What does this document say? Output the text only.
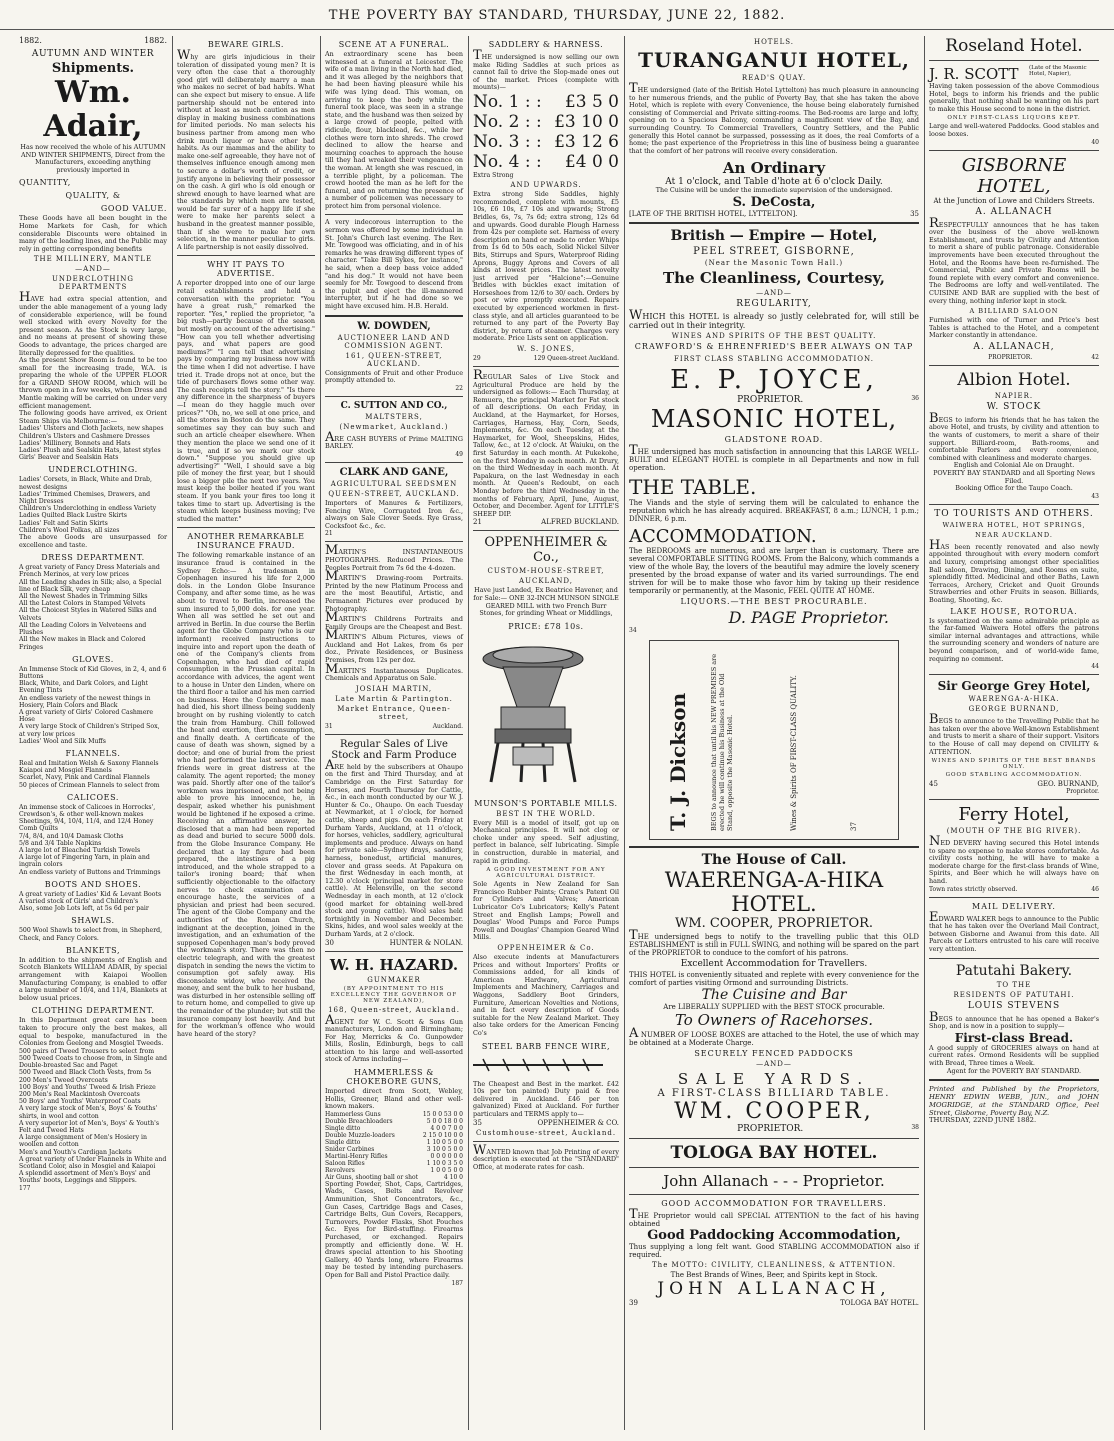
THE POVERTY BAY STANDARD, THURSDAY, JUNE 22, 1882.
1882.	1882.
AUTUMN AND WINTER
Shipments.
Wm. Adair,

Has now received the whole of his AUTUMN AND WINTER SHIPMENTS, Direct from the Manufacturers, exceeding anything previously imported in

QUANTITY,
QUALITY, &
GOOD VALUE.

These Goods have all been bought in the Home Markets for Cash, for which considerable Discounts were obtained in many of the leading lines, and the Public may rely in getting corresponding benefits

THE MILLINERY, MANTLE
—AND—
UNDERCLOTHING DEPARTMENTS

HAVE had extra special attention, and under the able management of a young lady of considerable experience, will be found well stocked with every Novelty for the present season. As the Stock is very large, and no means at present of showing these Goods to advantage, the prices charged are literally depressed for the qualities.

As the present Show Room is found to be too small for the increasing trade, W.A. is preparing the whole of the UPPER FLOOR for a GRAND SHOW ROOM, which will be thrown open in a few weeks, when Dress and Mantle making will be carried on under very efficient management.

The following goods have arrived, ex Orient Steam Ships via Melbourne:—

Ladies' Ulsters and Cloth Jackets, new shapes
Children's Ulsters and Cashmere Dresses
Ladies' Millinery, Bonnets and Hats
Ladies' Plush and Sealskin Hats, latest styles
Girls' Beaver and Sealskin Hats
UNDERCLOTHING.
Ladies' Corsets, in Black, White and Drab, newest designs
Ladies' Trimmed Chemises, Drawers, and Night Dresses
Children's Underclothing in endless Variety
Ladies Quilted Black Lustre Skirts
Ladies' Felt and Satin Skirts
Children's Wool Polkas, all sizes

The above Goods are unsurpassed for excellence and taste.

DRESS DEPARTMENT.
A great variety of Fancy Dress Materials and French Merinos, at very low prices
All the Leading shades in Silk; also, a Special line of Black Silk, very cheap
All the Newest Shades in Trimming Silks
All the Latest Colors in Stamped Velvets
All the Choicest Styles in Watered Silks and Velvets
All the Leading Colors in Velveteens and Plushes
All the New makes in Black and Colored Fringes
GLOVES.
An Immense Stock of Kid Gloves, in 2, 4, and 6 Buttons
Black, White, and Dark Colors, and Light Evening Tints
An endless variety of the newest things in Hosiery, Plain Colors and Black
A great variety of Girls' Colored Cashmere Hose
A very large Stock of Children's Striped Sox, at very low prices
Ladies' Wool and Silk Muffs
FLANNELS.
Real and Imitation Welsh & Saxony Flannels
Kaiapoi and Mosgiel Flannels
Scarlet, Navy, Pink and Cardinal Flannels
50 pieces of Crimean Flannels to select from
CALICOES.
An immense stock of Calicoes in Horrocks', Crewdson's, & other well-known makes
Sheetings, 9/4, 10/4, 11/4, and 12/4 Honey Comb Quilts
7/4, 8/4, and 10/4 Damask Cloths
5/8 and 3/4 Table Napkins
A large lot of Bleached Turkish Towels
A large lot of Fingering Yarn, in plain and ingrain colors
An endless variety of Buttons and Trimmings
BOOTS AND SHOES.
A great variety of Ladies' Kid & Levant Boots
A varied stock of Girls' and Children's
Also, some Job Lots left, at 5s 6d per pair
SHAWLS.
500 Wool Shawls to select from, in Shepherd, Check, and Fancy Colors.
BLANKETS,

In addition to the shipments of English and Scotch Blankets WILLIAM ADAIR, by special arrangement with Kaiapoi Woollen Manufacturing Company, is enabled to offer a large number of 10/4, and 11/4, Blankets at below usual prices.

CLOTHING DEPARTMENT.

In this Department great care has been taken to procure only the best makes, all equal to bespoke, manufactured in the Colonies from Geelong and Mosgiel Tweeds.

500 pairs of Tweed Trousers to select from
500 Tweed Coats to choose from, in Single and Double-breasted Sac and Paget
500 Tweed and Black Cloth Vests, from 5s
200 Men's Tweed Overcoats
100 Boys' and Youths' Tweed & Irish Frieze
200 Men's Real Mackintosh Overcoats
50 Boys' and Youths' Waterproof Coats
A very large stock of Men's, Boys' & Youths' shirts, in wool and cotton
A very superior lot of Men's, Boys' & Youth's Felt and Tweed Hats
A large consignment of Men's Hosiery in woollen and cotton
Men's and Youth's Cardigan Jackets
A great variety of Under Flannels in White and Scotland Color, also in Mosgiel and Kaiapoi
A splendid assortment of Men's Boys' and Youths' boots, Leggings and Slippers.
177
BEWARE GIRLS.

Why are girls injudicious in their toleration of dissipated young men? It is very often the case that a thoroughly good girl will deliberately marry a man who makes no secret of bad habits. What can she expect but misery to ensue. A life partnership should not be entered into without at least as much caution as men display in making business combinations for limited periods. No man selects his business partner from among men who drink much liquor or have other bad habits. As our mammas and the ability to make one-self agreeable, they have not of themselves influence enough among men to secure a dollar's worth of credit, or justify anyone in believing their possessor on the cash. A girl who is old enough or shrewd enough to have learned what are the standards by which men are tested, would be far surer of a happy life if she were to make her parents select a husband in the greatest manner possible, than if she were to make her own selection, in the manner peculiar to girls. A life partnership is not easily dissolved.

WHY IT PAYS TO ADVERTISE.

A reporter dropped into one of our large retail establishments and held a conversation with the proprietor. "You have a great rush," remarked the reporter. "Yes," replied the proprietor, "a big rush—partly because of the season but mostly on account of the advertising." "How can you tell whether advertising pays, and what papers are good mediums?" "I can tell that advertising pays by comparing my business now with the time when I did not advertise. I have tried it. Trade drops not at once, but the tide of purchasers flows some other way. The cash receipts tell the story." "Is there any difference in the sharpness of buyers—I mean do they haggle much over prices?" "Oh, no, we sell at one price, and all the stores in Boston do the same. They sometimes say they can buy such and such an article cheaper elsewhere. When they mention the place we send one of it is true, and if so we mark our stock down." "Suppose you should give up advertising?" "Well, I should save a big pile of money the first year, but I should lose a bigger pile the next two years. You must keep the boiler heated if you want steam. If you bank your fires too long it takes time to start up. Advertising is the steam which keeps business moving; I've studied the matter."

ANOTHER REMARKABLE INSURANCE FRAUD.

The following remarkable instance of an insurance fraud is contained in the Sydney Echo:— A tradesman in Copenhagen insured his life for 2,000 dols. in the London Globe Insurance Company, and after some time, as he was about to travel to Berlin, increased the sum insured to 5,000 dols. for one year. When all was settled he set out and arrived in Berlin. In due course the Berlin agent for the Globe Company (who is our informant) received instructions to inquire into and report upon the death of one of the Company's clients from Copenhagen, who had died of rapid consumption in the Prussian capital. In accordance with advices, the agent went to a house in Unter den Linden, where on the third floor a tailor and his men carried on business. Here the Copenhagen man had died, his short illness being suddenly brought on by rushing violently to catch the train from Hamburg. Chill followed the heat and exertion, then consumption, and finally death. A certificate of the cause of death was shown, signed by a doctor; and one of burial from the priest who had performed the last service. The friends were in great distress at the calamity. The agent reported; the money was paid. Shortly after one of the tailor's workmen was imprisoned, and not being able to prove his innocence, he, in despair, asked whether his punishment would be lightened if he exposed a crime. Receiving an affirmative answer, he disclosed that a man had been reported as dead and buried to secure 5000 dols. from the Globe Insurance Company. He declared that a lay figure had been prepared, the intestines of a pig introduced, and the whole strapped to a tailor's ironing board; that when sufficiently objectionable to the olfactory nerves to check examination and encourage haste, the services of a physician and priest had been secured. The agent of the Globe Company and the authorities of the Roman Church, indignant at the deception, joined in the investigation, and an exhumation of the supposed Copenhagen man's body proved the workman's story. There was then no electric telegraph, and with the greatest dispatch in sending the news the victim to consumption got safely away. His disconsolate widow, who received the money, and sent the bulk to her husband, was disturbed in her ostensible selling off to return home, and compelled to give up the remainder of the plunder; but still the insurance company lost heavily. And but for the workman's offence who would have heard of the story?

SCENE AT A FUNERAL.

An extraordinary scene has been witnessed at a funeral at Leicester. The wife of a man living in the North had died, and it was alleged by the neighbors that he had been having pleasure while his wife was lying dead. This woman, on arriving to keep the body while the funeral took place, was seen in a strange state, and the husband was then seized by a large crowd of people, pelted with ridicule, flour, blacklead, &c., while her clothes were torn into shreds. The crowd declined to allow the hearse and mourning coaches to approach the house till they had wreaked their vengeance on the woman. At length she was rescued, in a terrible plight, by a policeman. The crowd hooted the man as he left for the funeral, and on returning the presence of a number of policemen was necessary to protect him from personal violence.

A very indecorous interruption to the sermon was offered by some individual in St. John's Church last evening. The Rev. Mr. Towgood was officiating, and in of his remarks he was drawing different types of character. "Take Bill Sykes, for instance," he said, when a deep bass voice added "and his dog." It would not have been seemly for Mr. Towgood to descend from the pulpit and eject the ill-mannered interrupter, but if he had done so we might have excused him. H.B. Herald.

W. DOWDEN,
AUCTIONEER LAND AND COMMISSION AGENT.
161, QUEEN-STREET, AUCKLAND.

Consignments of Fruit and other Produce promptly attended to.

22
C. SUTTON AND CO.,
MALTSTERS,
(Newmarket, Auckland.)

ARE CASH BUYERS of Prime MALTING BARLEY.

49
CLARK AND GANE,
AGRICULTURAL SEEDSMEN
QUEEN-STREET, AUCKLAND.

Importers of Manures & Fertilizers, Fencing Wire, Corrugated Iron &c., always on Sale Clover Seeds. Rye Grass, Cocksfoot &c., &c.

21

MARTIN'S INSTANTANEOUS PHOTOGRAPHS. Reduced Prices. The Peoples Portrait from 7s 6d the 4-dozen.

MARTIN'S Drawing-room Portraits. Printed by the new Platinum Process and are the most Beautiful, Artistic, and Permanent Pictures ever produced by Photography.

MARTIN'S Childrens Portraits and Family Groups are the Cheapest and Best.

MARTIN'S Album Pictures, views of Auckland and Hot Lakes, from 6s per doz., Private Residences, or Business Premises, from 12s per doz.

MARTIN'S Instantaneous Duplicates. Chemicals and Apparatus on Sale.

JOSIAH MARTIN,
Late Martin & Partington.
Market Entrance, Queen-street,
31	Auckland.
Regular Sales of Live Stock and Farm Produce

ARE held by the subscribers at Ohaupo on the first and Third Thursday, and at Cambridge on the First Saturday for Horses, and Fourth Thursday for Cattle, &c., in each month conducted by our W. J. Hunter & Co., Ohaupo. On each Tuesday at Newmarket, at 1 o'clock, for horned cattle, sheep and pigs. On each Friday at Durham Yards, Auckland, at 11 o'clock, for horses, vehicles, saddlery, agricultural implements and produce. Always on hand for private sale—Sydney drays, saddlery, harness, bonedust, artificial manures, clover and grass seeds. At Papakura on the first Wednesday in each month, at 12.30 o'clock (principal market for store cattle). At Helensville, on the second Wednesday in each month, at 12 o'clock (good market for obtaining well-bred stock and young cattle). Wool sales held fortnightly in November and December. Skins, hides, and wool sales weekly at the Durham Yards, at 2 o'clock.

30	HUNTER & NOLAN.
W. H. HAZARD.
GUNMAKER
(BY APPOINTMENT TO HIS EXCELLENCY THE GOVERNOR OF NEW ZEALAND),
168, Queen-street, Auckland.

AGENT for W. C. Scott & Sons Gun manufacturers, London and Birmingham; For Hay, Merricks & Co. Gunpowder Mills, Roslin, Edinburgh, begs to call attention to his large and well-assorted stock of Arms including—

HAMMERLESS & CHOKEBORE GUNS,

Imported direct from Scott, Webley, Hollis, Greener, Bland and other well-known makers.

Hammerless Guns	15 0 0 53 0 0
Double Breachloaders	5 0 0 18 0 0
Single ditto	4 0 0 7 0 0
Double Muzzle-loaders	2 15 0 10 0 0
Single ditto	1 10 0 5 0 0
Snider Carbines	3 10 0 5 0 0
Martini-Henry Rifles	0 0 0 0 0 0
Saloon Rifles	1 10 0 3 5 0
Revolvers	1 0 0 5 0 0
Air Guns, shooting ball or shot	4 10 0

Sporting Powder, Shot, Caps, Cartridges, Wads, Cases, Belts and Revolver Ammunition, Shot Concentrators, &c., Gun Cases, Cartridge Bags and Cases, Cartridge Belts, Gun Covers, Recappers, Turnovers, Powder Flasks, Shot Pouches &c. Eyes for Bird-stuffing. Firearms Purchased, or exchanged. Repairs promptly and efficiently done. W. H. draws special attention to his Shooting Gallery, 40 Yards long, where Firearms may be tested by intending purchasers. Open for Ball and Pistol Practice daily.

187
SADDLERY & HARNESS.

THE undersigned is now selling our own make Riding Saddles at such prices as cannot fail to drive the Slop-made ones out of the market. Prices (complete with mounts)—

No. 1 : : £3 5 0
No. 2 : : £3 10 0
No. 3 : : £3 12 6
No. 4 : : £4 0 0
Extra Strong
AND UPWARDS.

Extra strong Side Saddles, highly recommended, complete with mounts, £5 10s, £6 10s, £7 10s and upwards; Strong Bridles, 6s, 7s, 7s 6d; extra strong, 12s 6d and upwards. Good durable Plough Harness from 42s per complete set. Harness of every description on hand or made to order. Whips from 1s 6d to 50s each, Solid Nickel Silver Bits, Stirrups and Spurs, Waterproof Riding Aprons, Buggy Aprons and Covers of all kinds at lowest prices. The latest novelty just arrived per "Halcione":—Genuine Bridles with buckles exact imitation of Horseshoes from 12/6 to 30/ each. Orders by post or wire promptly executed. Repairs executed by experienced workmen in first-class style, and all articles guaranteed to be returned to any part of the Poverty Bay district, by return of steamer. Charges very moderate. Price Lists sent on application.

W. S. JONES,
29	129 Queen-street Auckland.

REGULAR Sales of Live Stock and Agricultural Produce are held by the undersigned as follows:— Each Thursday, at Remuera, the principal Market for Fat stock of all descriptions. On each Friday, in Auckland, at the Haymarket, for Horses, Carriages, Harness, Hay, Corn, Seeds, Implements, &c. On each Tuesday, at the Haymarket, for Wool, Sheepskins, Hides, Tallow, &c., at 12 o'clock. At Waiuku, on the first Saturday in each month. At Pukekohe, on the first Monday in each month. At Drury, on the third Wednesday in each month. At Papakura, on the last Wednesday in each month. At Queen's Redoubt, on each Monday before the third Wednesday in the months of February, April, June, August, October, and December. Agent for LITTLE'S SHEEP DIP.

21	ALFRED BUCKLAND.
OPPENHEIMER & Co.,
CUSTOM-HOUSE-STREET,
AUCKLAND,

Have just Landed, Ex Beatrice Havener, and for Sale:— ONE 32-INCH MUNSON SINGLE GEARED MILL with two French Burr Stones, for grinding Wheat or Middlings,

PRICE: £78 10s.
MUNSON'S PORTABLE MILLS.
BEST IN THE WORLD.

Every Mill is a model of itself, got up on Mechanical principles. It will not clog or choke under any speed. Self adjusting, perfect in balance, self lubricating. Simple in construction, durable in material, and rapid in grinding.

A GOOD INVESTMENT FOR ANY AGRICULTURAL DISTRICT.

Sole Agents in New Zealand for San Francisco Rubber Paints; Crane's Patent Oil for Cylinders and Valves; American Lubricator Co's Lubricators; Kelly's Patent Street and English Lamps; Powell and Douglas' Wood Pumps and Force Pumps Powell and Douglas' Champion Geared Wind Mills.

OPPENHEIMER & Co.

Also execute indents at Manufacturers Prices and without Importers' Profits or Commissions added, for all kinds of American Hardware, Agricultural Implements and Machinery, Carriages and Waggons, Saddlery Boot Grinders, Furniture, American Novelties and Notions, and in fact every description of Goods suitable for the New Zealand Market. They also take orders for the American Fencing Co's

STEEL BARB FENCE WIRE,

The Cheapest and Best in the market. £42 10s per ton painted) Duty paid & free delivered in Auckland. £46 per ton galvanized) Fixed at Auckland. For further particulars and TERMS apply to—

35	OPPENHEIMER & CO.
Customhouse-street, Auckland.

WANTED known that Job Printing of every description is executed at the "STANDARD" Office, at moderate rates for cash.

HOTELS.
TURANGANUI HOTEL,
READ'S QUAY.

THE undersigned (late of the British Hotel Lyttelton) has much pleasure in announcing to her numerous friends, and the public of Poverty Bay, that she has taken the above Hotel, which is replete with every Convenience, the house being elaborately furnished consisting of Commercial and Private sitting-rooms. The Bed-rooms are large and lofty, opening on to a Spacious Balcony, commanding a magnificent view of the Bay, and surrounding Country. To Commercial Travellers, Country Settlers, and the Public generally this Hotel cannot be surpassed, possessing as it does, the real Comforts of a home; the past experience of the Proprietress in this line of business being a guarantee that the comfort of her patrons will receive every consideration.

An Ordinary
At 1 o'clock, and Table d'hote at 6 o'clock Daily.

The Cuisine will be under the immediate supervision of the undersigned.

S. DeCosta,
[LATE OF THE BRITISH HOTEL, LYTTELTON].	35
British — Empire — Hotel,
PEEL STREET, GISBORNE,
(Near the Masonic Town Hall.)
The Cleanliness, Courtesy,
—AND—
REGULARITY,

WHICH this HOTEL is already so justly celebrated for, will still be carried out in their integrity.

WINES AND SPIRITS OF THE BEST QUALITY.
CRAWFORD'S & EHRENFRIED'S BEER ALWAYS ON TAP
FIRST CLASS STABLING ACCOMMODATION.
E. P. JOYCE,
PROPRIETOR.	36
MASONIC HOTEL,
GLADSTONE ROAD.

THE undersigned has much satisfaction in announcing that this LARGE WELL-BUILT and ELEGANT HOTEL is complete in all Departments and now in full operation.

THE TABLE.

The Viands and the style of serving them will be calculated to enhance the reputation which he has already acquired. BREAKFAST, 8 a.m.; LUNCH, 1 p.m.; DINNER, 6 p.m.

ACCOMMODATION.

The BEDROOMS are numerous, and are larger than is customary. There are several COMFORTABLE SITTING ROOMS. From the Balcony, which commands a view of the whole Bay, the lovers of the beautiful may admire the lovely scenery presented by the broad expanse of water and its varied surroundings. The end striven for will be to make those who favor him by taking up their residence temporarily or permanently, at the Masonic, FEEL QUITE AT HOME.

LIQUORS.—THE BEST PROCURABLE.
D. PAGE Proprietor.
34
T. J. Dickson	BEGS to announce that until his NEW PREMISES are erected he will continue his Business at the Old Stand, opposite the Masonic Hotel.	Wines & Spirits OF FIRST-CLASS QUALITY.	37
The House of Call.
WAERENGA-A-HIKA HOTEL.
WM. COOPER, PROPRIETOR.

THE undersigned begs to notify to the travelling public that this OLD ESTABLISHMENT is still in FULL SWING, and nothing will be spared on the part of the PROPRIETOR to conduce to the comfort of his patrons.

Excellent Accommodation for Travellers.

THIS HOTEL is conveniently situated and replete with every convenience for the comfort of parties visiting Ormond and surrounding Districts.

The Cuisine and Bar
Are LIBERALLY SUPPLIED with the BEST STOCK procurable.
To Owners of Racehorses.

A NUMBER OF LOOSE BOXES are attached to the Hotel, the use of which may be obtained at a Moderate Charge.

SECURELY FENCED PADDOCKS
—AND—
SALE YARDS.
A FIRST-CLASS BILLIARD TABLE.
WM. COOPER,
PROPRIETOR.	38
TOLOGA BAY HOTEL.
John Allanach - - - Proprietor.
GOOD ACCOMMODATION FOR TRAVELLERS.

THE Proprietor would call SPECIAL ATTENTION to the fact of his having obtained

Good Paddocking Accommodation,

Thus supplying a long felt want. Good STABLING ACCOMMODATION also if required.

The MOTTO: CIVILITY, CLEANLINESS, & ATTENTION.
The Best Brands of Wines, Beer, and Spirits kept in Stock.
JOHN ALLANACH,
39	TOLOGA BAY HOTEL.
Roseland Hotel.
J. R. SCOTT (Late of the Masonic Hotel, Napier),

Having taken possession of the above Commodious Hotel, begs to inform his friends and the public generally, that nothing shall be wanting on his part to make this House second to none in the district.

ONLY FIRST-CLASS LIQUORS KEPT.

Large and well-watered Paddocks. Good stables and loose boxes.

40
GISBORNE HOTEL,
At the Junction of Lowe and Childers Streets.
A. ALLANACH

RESPECTFULLY announces that he has taken over the business of the above well-known Establishment, and trusts by Civility and Attention to merit a share of public patronage. Considerable improvements have been executed throughout the Hotel, and the Rooms have been re-furnished. The Commercial, Public and Private Rooms will be found replete with every comfort and convenience. The Bedrooms are lofty and well-ventilated. The CUISINE AND BAR are supplied with the best of every thing, nothing inferior kept in stock.

A BILLIARD SALOON

Furnished with one of Turner and Price's best Tables is attached to the Hotel, and a competent Marker constantly in attendance.

A. ALLANACH,
PROPRIETOR.	42
Albion Hotel.
NAPIER.
W. STOCK

BEGS to inform his friends that he has taken the above Hotel, and trusts, by civility and attention to the wants of customers, to merit a share of their support. Billiard-room, Bath-rooms, and comfortable Parlors and every convenience, combined with cleanliness and moderate charges.

English and Colonial Ale on Draught.
POVERTY BAY STANDARD and all Sporting News Filed.
Booking Office for the Taupo Coach.
43
TO TOURISTS AND OTHERS.
WAIWERA HOTEL, HOT SPRINGS,
NEAR AUCKLAND.

HAS been recently renovated and also newly appointed throughout with every modern comfort and luxury, comprising amongst other specialities Ball saloon, Drawing, Dining, and Rooms en suite, splendidly fitted. Medicinal and other Baths, Lawn Terraces, Archery, Cricket and Quoit Grounds Strawberries and other Fruits in season. Billiards, Boating, Shooting, &c.

LAKE HOUSE, ROTORUA.

Is systematized on the same admirable principle as the far-famed Waiwera Hotel offers the patrons similar internal advantages and attractions, while the surrounding scenery and wonders of nature are beyond comparison, and of world-wide fame, requiring no comment.

44
Sir George Grey Hotel,
WAERENGA-A-HIKA.
GEORGE BURNAND,

BEGS to announce to the Travelling Public that he has taken over the above Well-known Establishment and trusts to merit a share of their support. Visitors to the House of call may depend on CIVILITY & ATTENTION.

WINES AND SPIRITS OF THE BEST BRANDS ONLY.
GOOD STABLING ACCOMMODATION.
45	GEO. BURNAND,
Proprietor.
Ferry Hotel,
(MOUTH OF THE BIG RIVER).

NED DEVERY having secured this Hotel intends to spare no expense to make stores comfortable. As civility costs nothing, he will have to make a moderate charge for the first-class brands of Wine, Spirits, and Beer which he will always have on hand.

Town rates strictly observed.	46
MAIL DELIVERY.

EDWARD WALKER begs to announce to the Public that he has taken over the Overland Mail Contract, between Gisborne and Awanui from this date. All Parcels or Letters entrusted to his care will receive very attention.

Patutahi Bakery.
TO THE
RESIDENTS OF PATUTAHI.
LOUIS STEVENS

BEGS to announce that he has opened a Baker's Shop, and is now in a position to supply—

First-class Bread.

A good supply of GROCERIES always on hand at current rates. Ormond Residents will be supplied with Bread, Three times a Week.

Agent for the POVERTY BAY STANDARD.

Printed and Published by the Proprietors, HENRY EDWIN WEBB, JUN., and JOHN MOGRIDGE, at the STANDARD Office, Peel Street, Gisborne, Poverty Bay, N.Z.

THURSDAY, 22ND JUNE 1882.
